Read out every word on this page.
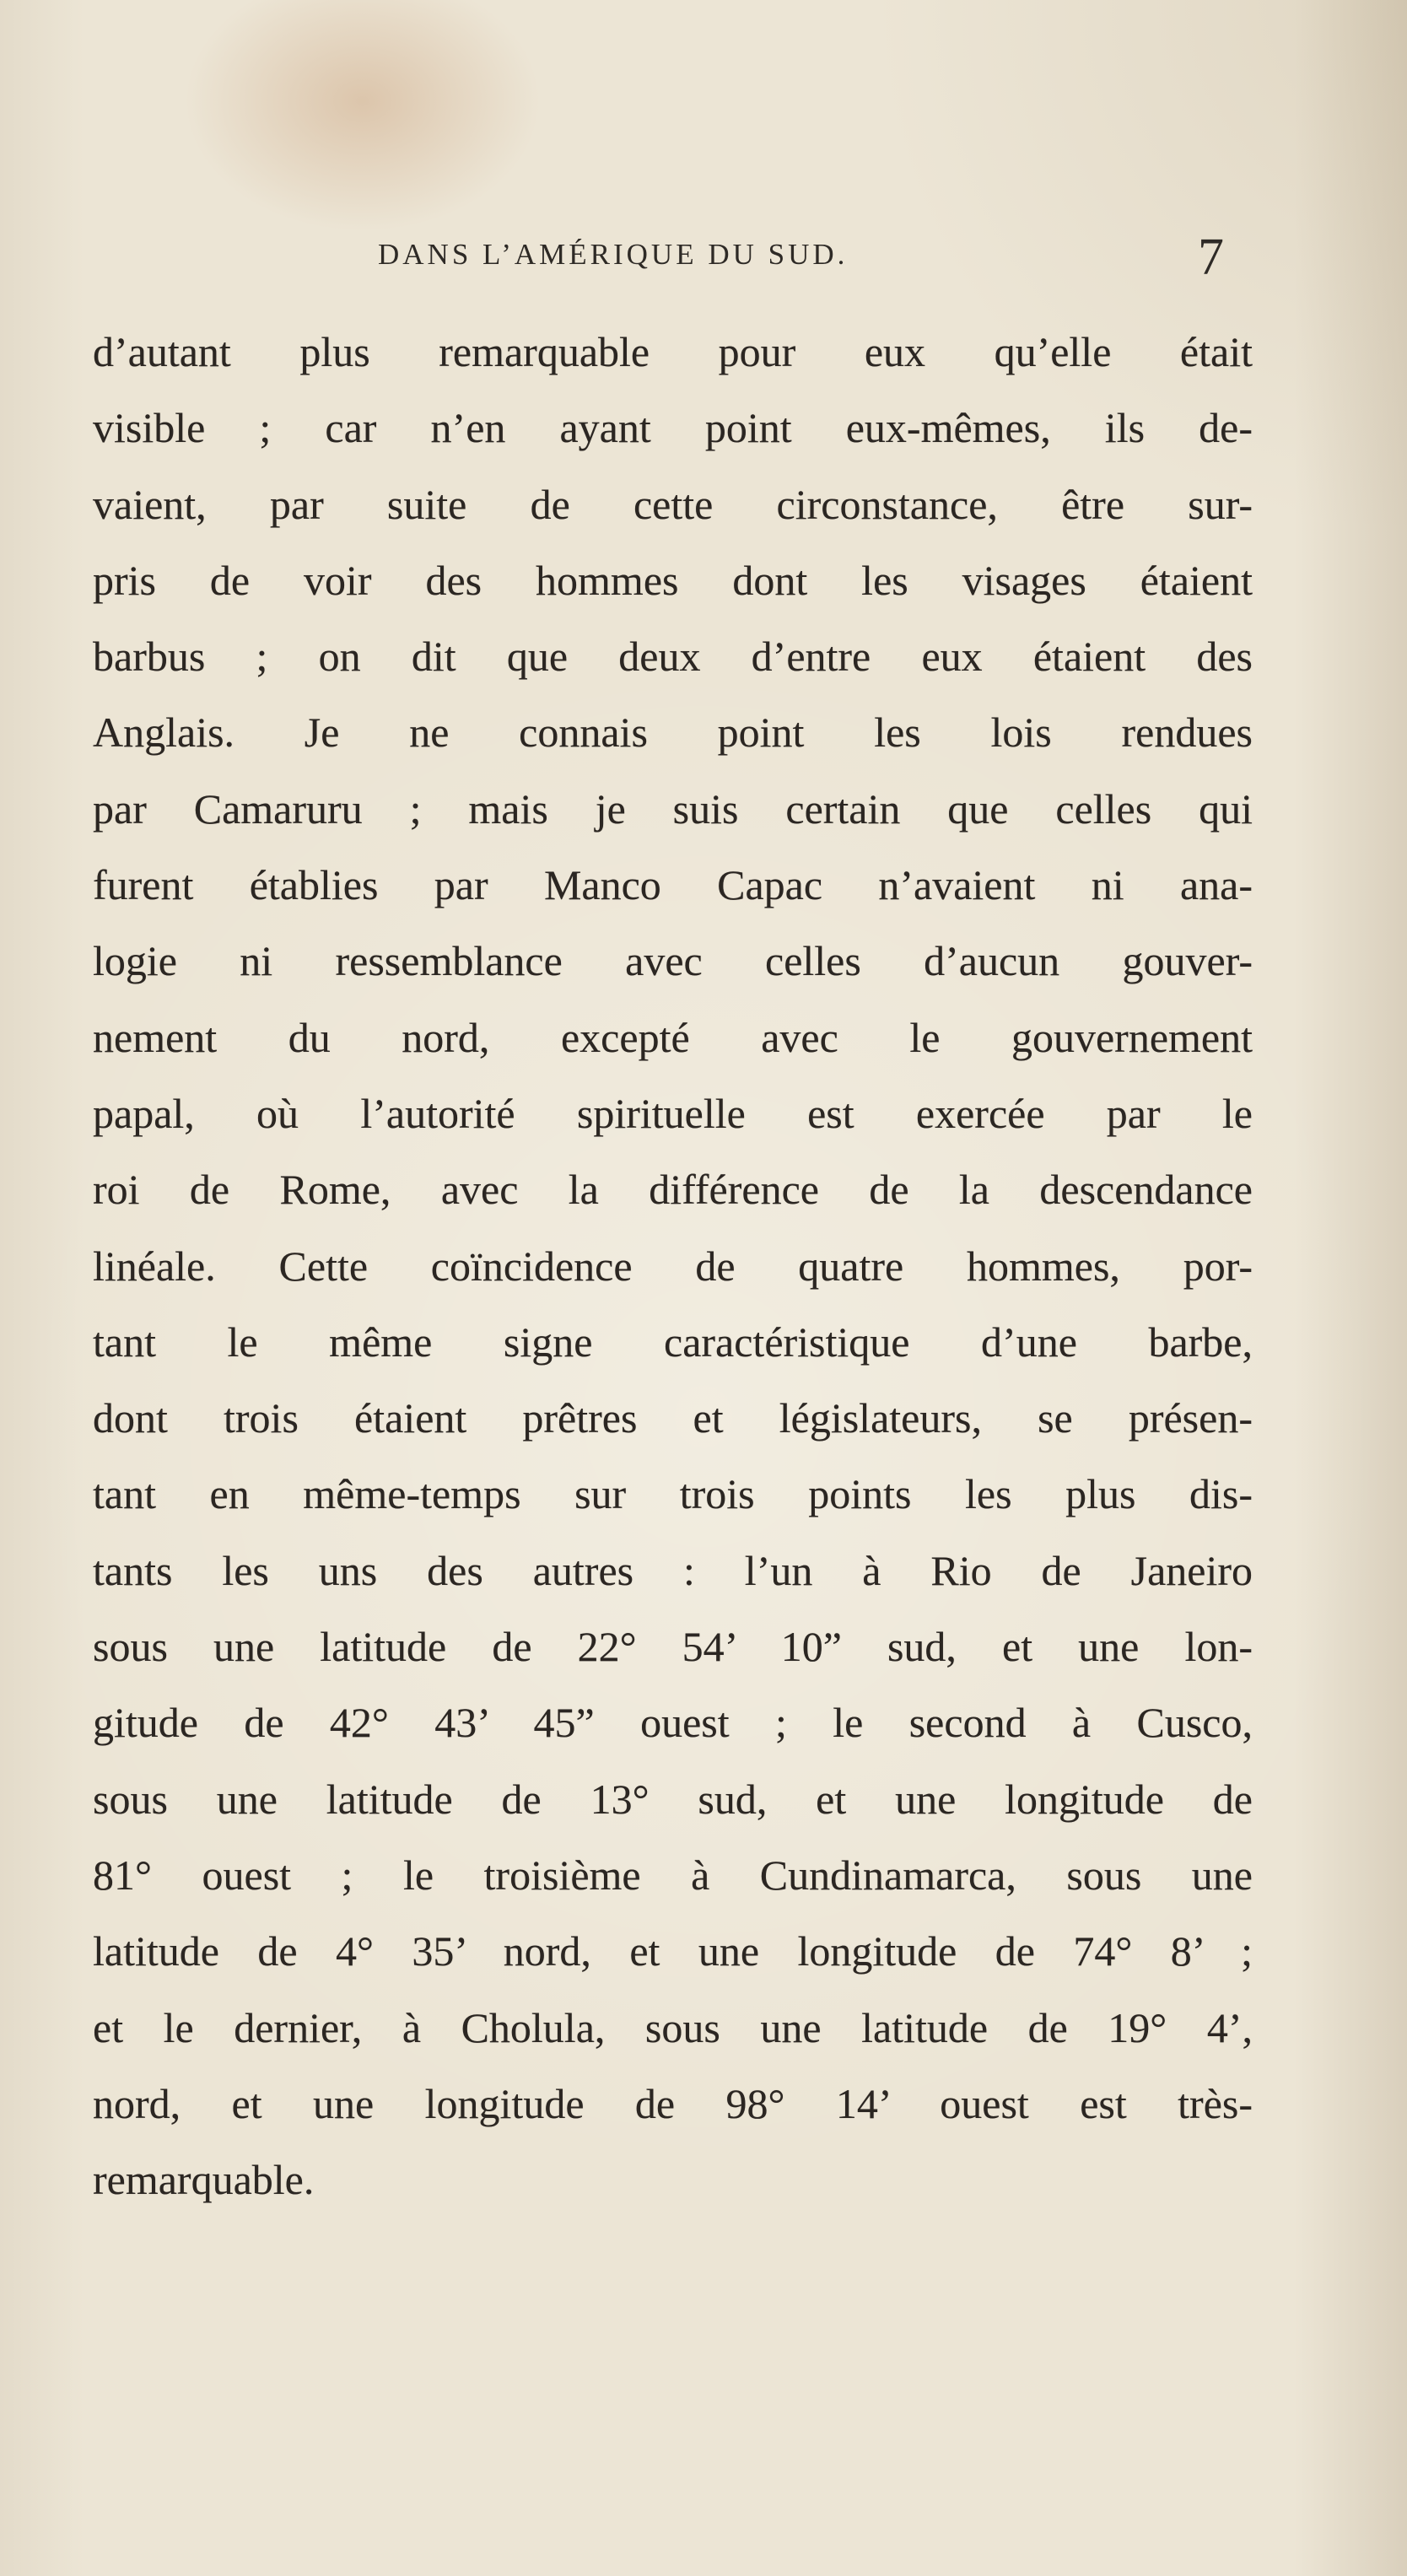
DANS L’AMÉRIQUE DU SUD.	7
d’autant plus remarquable pour eux qu’elle était
visible ; car n’en ayant point eux-mêmes, ils de-
vaient, par suite de cette circonstance, être sur-
pris de voir des hommes dont les visages étaient
barbus ; on dit que deux d’entre eux étaient des
Anglais. Je ne connais point les lois rendues
par Camaruru ; mais je suis certain que celles qui
furent établies par Manco Capac n’avaient ni ana-
logie ni ressemblance avec celles d’aucun gouver-
nement du nord, excepté avec le gouvernement
papal, où l’autorité spirituelle est exercée par le
roi de Rome, avec la différence de la descendance
linéale. Cette coïncidence de quatre hommes, por-
tant le même signe caractéristique d’une barbe,
dont trois étaient prêtres et législateurs, se présen-
tant en même-temps sur trois points les plus dis-
tants les uns des autres : l’un à Rio de Janeiro
sous une latitude de 22° 54’ 10” sud, et une lon-
gitude de 42° 43’ 45” ouest ; le second à Cusco,
sous une latitude de 13° sud, et une longitude de
81° ouest ; le troisième à Cundinamarca, sous une
latitude de 4° 35’ nord, et une longitude de 74° 8’ ;
et le dernier, à Cholula, sous une latitude de 19° 4’,
nord, et une longitude de 98° 14’ ouest est très-
remarquable.
